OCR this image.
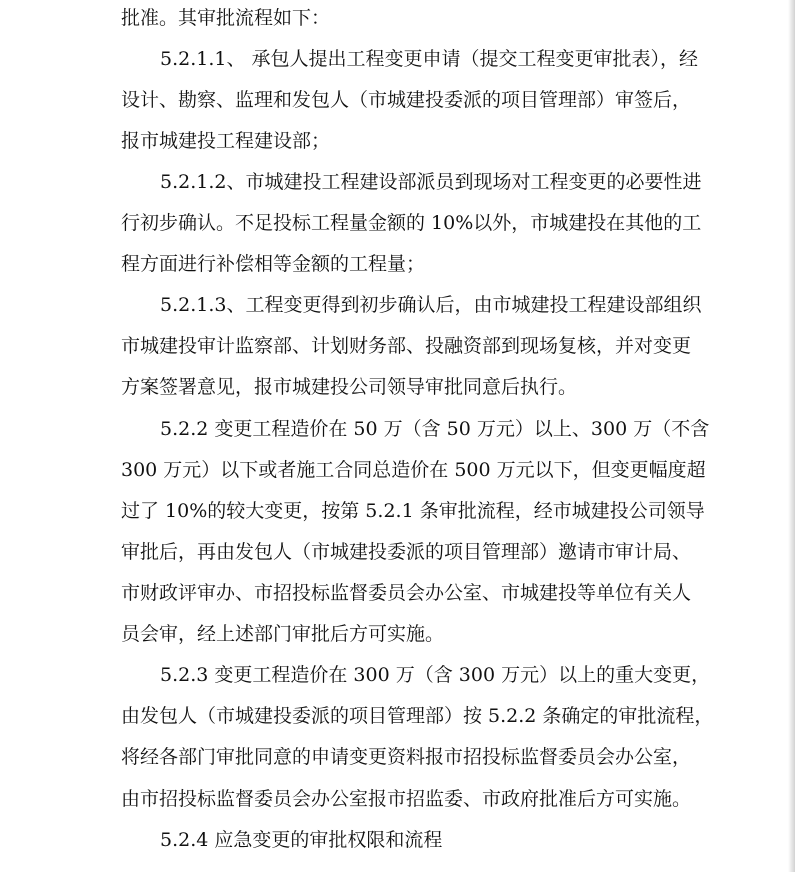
批准。其审批流程如下：

5.2.1.1、 承包人提出工程变更申请（提交工程变更审批表），经

设计、勘察、监理和发包人（市城建投委派的项目管理部）审签后，

报市城建投工程建设部；

5.2.1.2、市城建投工程建设部派员到现场对工程变更的必要性进

行初步确认。不足投标工程量金额的 10%以外，市城建投在其他的工

程方面进行补偿相等金额的工程量；

5.2.1.3、工程变更得到初步确认后，由市城建投工程建设部组织

市城建投审计监察部、计划财务部、投融资部到现场复核，并对变更

方案签署意见，报市城建投公司领导审批同意后执行。

5.2.2 变更工程造价在 50 万（含 50 万元）以上、300 万（不含

300 万元）以下或者施工合同总造价在 500 万元以下，但变更幅度超

过了 10%的较大变更，按第 5.2.1 条审批流程，经市城建投公司领导

审批后，再由发包人（市城建投委派的项目管理部）邀请市审计局、

市财政评审办、市招投标监督委员会办公室、市城建投等单位有关人

员会审，经上述部门审批后方可实施。

5.2.3 变更工程造价在 300 万（含 300 万元）以上的重大变更，

由发包人（市城建投委派的项目管理部）按 5.2.2 条确定的审批流程，

将经各部门审批同意的申请变更资料报市招投标监督委员会办公室，

由市招投标监督委员会办公室报市招监委、市政府批准后方可实施。

5.2.4 应急变更的审批权限和流程
